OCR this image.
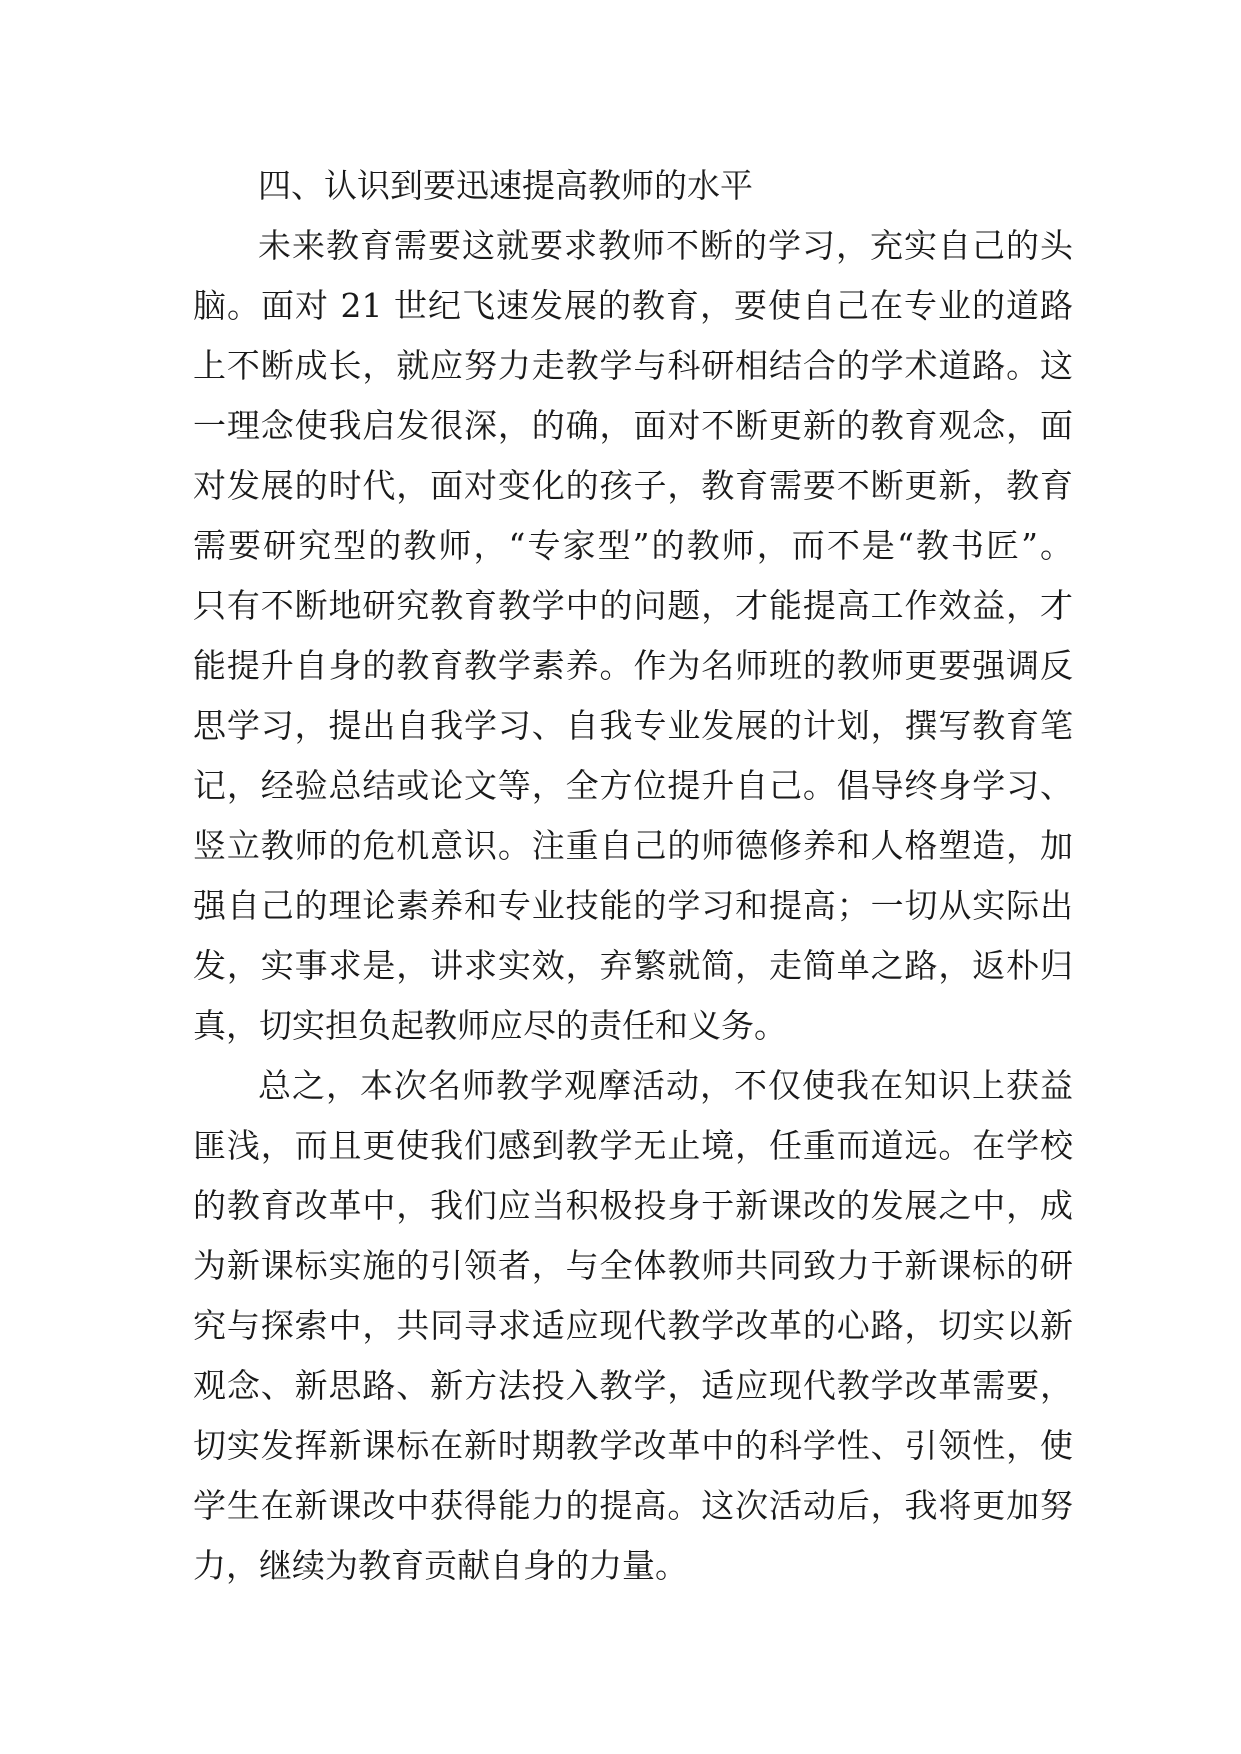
四、认识到要迅速提高教师的水平

未来教育需要这就要求教师不断的学习，充实自己的头

脑。面对 21 世纪飞速发展的教育，要使自己在专业的道路

上不断成长，就应努力走教学与科研相结合的学术道路。这

一理念使我启发很深，的确，面对不断更新的教育观念，面

对发展的时代，面对变化的孩子，教育需要不断更新，教育

需要研究型的教师，“专家型”的教师，而不是“教书匠”。

只有不断地研究教育教学中的问题，才能提高工作效益，才

能提升自身的教育教学素养。作为名师班的教师更要强调反

思学习，提出自我学习、自我专业发展的计划，撰写教育笔

记，经验总结或论文等，全方位提升自己。倡导终身学习、

竖立教师的危机意识。注重自己的师德修养和人格塑造，加

强自己的理论素养和专业技能的学习和提高；一切从实际出

发，实事求是，讲求实效，弃繁就简，走简单之路，返朴归

真，切实担负起教师应尽的责任和义务。

总之，本次名师教学观摩活动，不仅使我在知识上获益

匪浅，而且更使我们感到教学无止境，任重而道远。在学校

的教育改革中，我们应当积极投身于新课改的发展之中，成

为新课标实施的引领者，与全体教师共同致力于新课标的研

究与探索中，共同寻求适应现代教学改革的心路，切实以新

观念、新思路、新方法投入教学，适应现代教学改革需要，

切实发挥新课标在新时期教学改革中的科学性、引领性，使

学生在新课改中获得能力的提高。这次活动后，我将更加努

力，继续为教育贡献自身的力量。
